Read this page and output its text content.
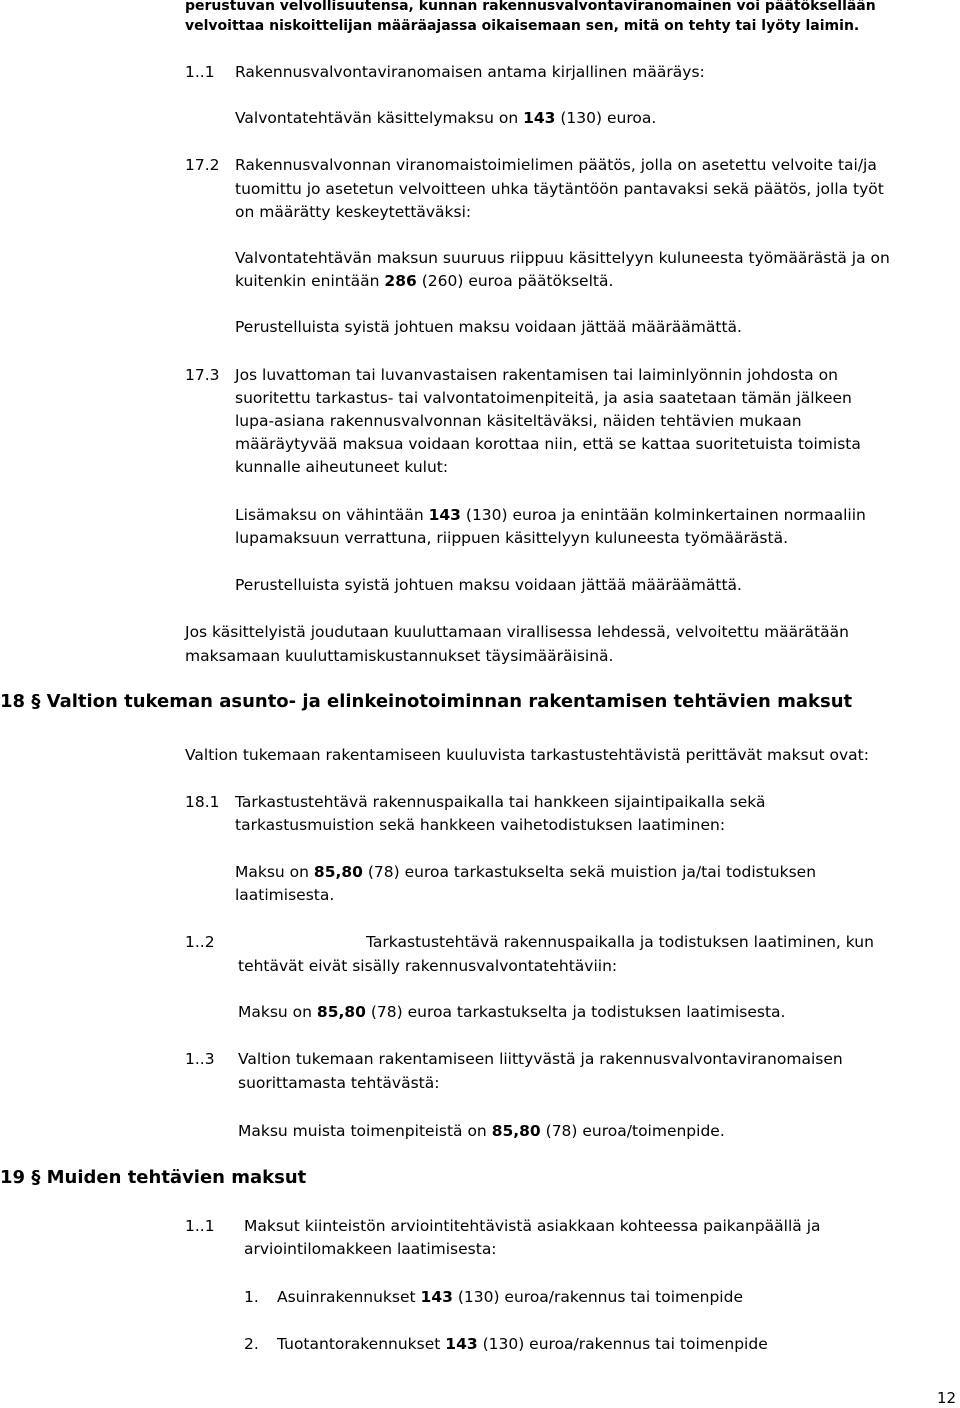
perustuvan velvollisuutensa, kunnan rakennusvalvontaviranomainen voi päätöksellään
velvoittaa niskoittelijan määräajassa oikaisemaan sen, mitä on tehty tai lyöty laimin.
1..1 Rakennusvalvontaviranomaisen antama kirjallinen määräys:
Valvontatehtävän käsittelymaksu on 143 (130) euroa.
17.2 Rakennusvalvonnan viranomaistoimielimen päätös, jolla on asetettu velvoite tai/ja
tuomittu jo asetetun velvoitteen uhka täytäntöön pantavaksi sekä päätös, jolla työt
on määrätty keskeytettäväksi:
Valvontatehtävän maksun suuruus riippuu käsittelyyn kuluneesta työmäärästä ja on
kuitenkin enintään 286 (260) euroa päätökseltä.
Perustelluista syistä johtuen maksu voidaan jättää määräämättä.
17.3 Jos luvattoman tai luvanvastaisen rakentamisen tai laiminlyönnin johdosta on
suoritettu tarkastus- tai valvontatoimenpiteitä, ja asia saatetaan tämän jälkeen
lupa-asiana rakennusvalvonnan käsiteltäväksi, näiden tehtävien mukaan
määräytyvää maksua voidaan korottaa niin, että se kattaa suoritetuista toimista
kunnalle aiheutuneet kulut:
Lisämaksu on vähintään 143 (130) euroa ja enintään kolminkertainen normaaliin
lupamaksuun verrattuna, riippuen käsittelyyn kuluneesta työmäärästä.
Perustelluista syistä johtuen maksu voidaan jättää määräämättä.
Jos käsittelyistä joudutaan kuuluttamaan virallisessa lehdessä, velvoitettu määrätään
maksamaan kuuluttamiskustannukset täysimääräisinä.
18 § Valtion tukeman asunto- ja elinkeinotoiminnan rakentamisen tehtävien maksut
Valtion tukemaan rakentamiseen kuuluvista tarkastustehtävistä perittävät maksut ovat:
18.1 Tarkastustehtävä rakennuspaikalla tai hankkeen sijaintipaikalla sekä
tarkastusmuistion sekä hankkeen vaihetodistuksen laatiminen:
Maksu on 85,80 (78) euroa tarkastukselta sekä muistion ja/tai todistuksen
laatimisesta.
1..2	Tarkastustehtävä rakennuspaikalla ja todistuksen laatiminen, kun
tehtävät eivät sisälly rakennusvalvontatehtäviin:
Maksu on 85,80 (78) euroa tarkastukselta ja todistuksen laatimisesta.
1..3 Valtion tukemaan rakentamiseen liittyvästä ja rakennusvalvontaviranomaisen
suorittamasta tehtävästä:
Maksu muista toimenpiteistä on 85,80 (78) euroa/toimenpide.
19 § Muiden tehtävien maksut
1..1 Maksut kiinteistön arviointitehtävistä asiakkaan kohteessa paikanpäällä ja
arviointilomakkeen laatimisesta:
1. Asuinrakennukset 143 (130) euroa/rakennus tai toimenpide
2. Tuotantorakennukset 143 (130) euroa/rakennus tai toimenpide
12
